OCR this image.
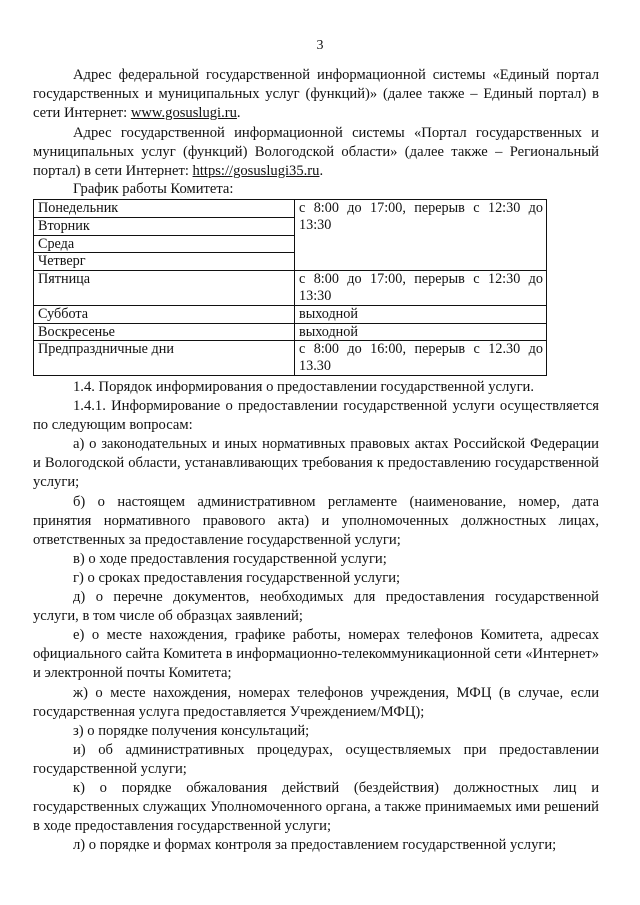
3

Адрес федеральной государственной информационной системы «Единый портал государственных и муниципальных услуг (функций)» (далее также – Единый портал) в сети Интернет: www.gosuslugi.ru.

Адрес государственной информационной системы «Портал государственных и муниципальных услуг (функций) Вологодской области» (далее также – Региональный портал) в сети Интернет: https://gosuslugi35.ru.

График работы Комитета:

Понедельник	с 8:00 до 17:00, перерыв с 12:30 до 13:30
Вторник	
Среда	
Четверг	
Пятница	с 8:00 до 17:00, перерыв с 12:30 до 13:30
Суббота	выходной
Воскресенье	выходной
Предпраздничные дни	с 8:00 до 16:00, перерыв с 12.30 до 13.30

1.4. Порядок информирования о предоставлении государственной услуги.

1.4.1. Информирование о предоставлении государственной услуги осуществляется по следующим вопросам:

а) о законодательных и иных нормативных правовых актах Российской Федерации и Вологодской области, устанавливающих требования к предоставлению государственной услуги;

б) о настоящем административном регламенте (наименование, номер, дата принятия нормативного правового акта) и уполномоченных должностных лицах, ответственных за предоставление государственной услуги;

в) о ходе предоставления государственной услуги;

г) о сроках предоставления государственной услуги;

д) о перечне документов, необходимых для предоставления государственной услуги, в том числе об образцах заявлений;

е) о месте нахождения, графике работы, номерах телефонов Комитета, адресах официального сайта Комитета в информационно-телекоммуникационной сети «Интернет» и электронной почты Комитета;

ж) о месте нахождения, номерах телефонов учреждения, МФЦ (в случае, если государственная услуга предоставляется Учреждением/МФЦ);

з) о порядке получения консультаций;

и) об административных процедурах, осуществляемых при предоставлении государственной услуги;

к) о порядке обжалования действий (бездействия) должностных лиц и государственных служащих Уполномоченного органа, а также принимаемых ими решений в ходе предоставления государственной услуги;

л) о порядке и формах контроля за предоставлением государственной услуги;
